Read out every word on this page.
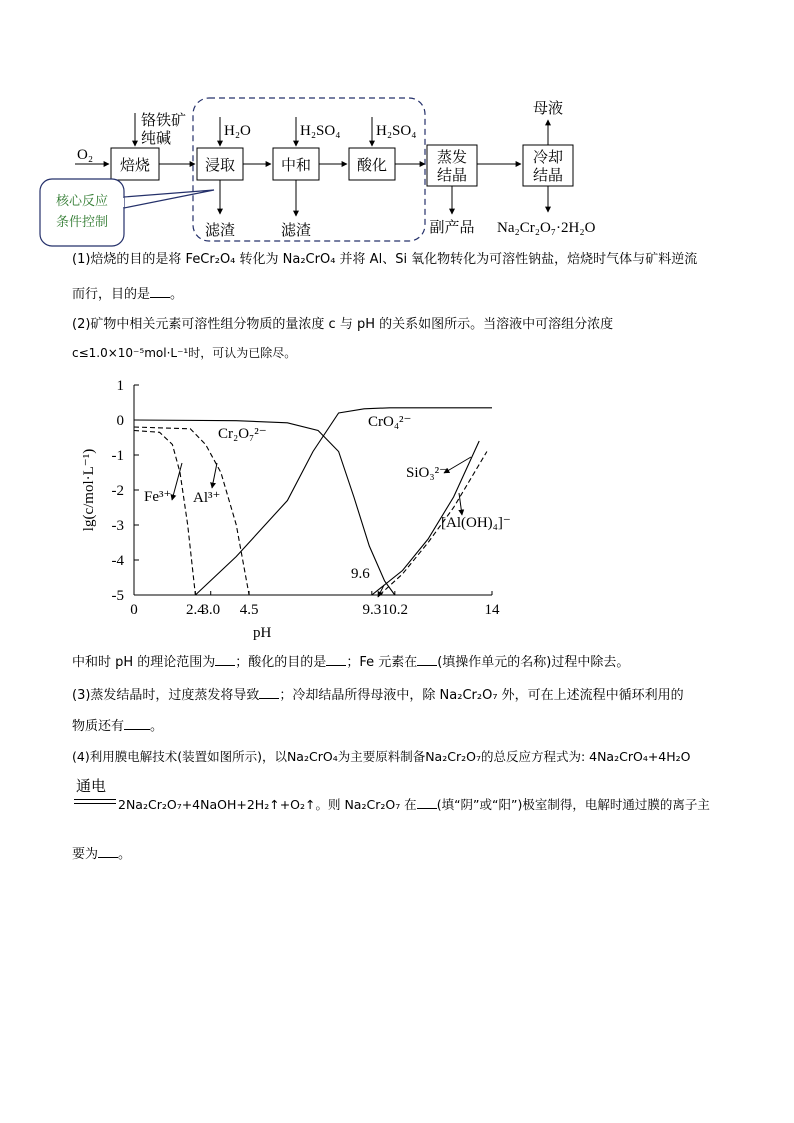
铬铁矿
纯碱	H₂O	H₂SO₄ H₂SO₄
O₂
焙烧	浸取	中和	酸化	蒸发
结晶
冷却
结晶
滤渣	滤渣	副产品
母液
Na₂Cr₂O₇·2H₂O
核心反应
条件控制
(1)焙烧的目的是将 FeCr₂O₄ 转化为 Na₂CrO₄ 并将 Al、Si 氧化物转化为可溶性钠盐，焙烧时气体与矿料逆流
而行，目的是 。
(2)矿物中相关元素可溶性组分物质的量浓度 c 与 pH 的关系如图所示。当溶液中可溶组分浓度
c≤1.0×10⁻⁵mol·L⁻¹时，可认为已除尽。
1
0
-1
-2
-3
-4
-5
0	2.4
3.0 4.5	9.3 10.2	14
pH
lg(c/mol·L⁻¹)
Cr₂O₇²⁻
CrO₄²⁻
Fe³⁺ Al³⁺
SiO₃²⁻
[Al(OH)₄]⁻
9.6
中和时 pH 的理论范围为 ；酸化的目的是 ；Fe 元素在 (填操作单元的名称)过程中除去。
(3)蒸发结晶时，过度蒸发将导致 ；冷却结晶所得母液中，除 Na₂Cr₂O₇ 外，可在上述流程中循环利用的
物质还有 。
(4)利用膜电解技术(装置如图所示)，以Na₂CrO₄为主要原料制备Na₂Cr₂O₇的总反应方程式为: 4Na₂CrO₄+4H₂O
通电
2Na₂Cr₂O₇+4NaOH+2H₂↑+O₂↑。则 Na₂Cr₂O₇ 在 (填“阴”或“阳”)极室制得，电解时通过膜的离子主
要为 。
